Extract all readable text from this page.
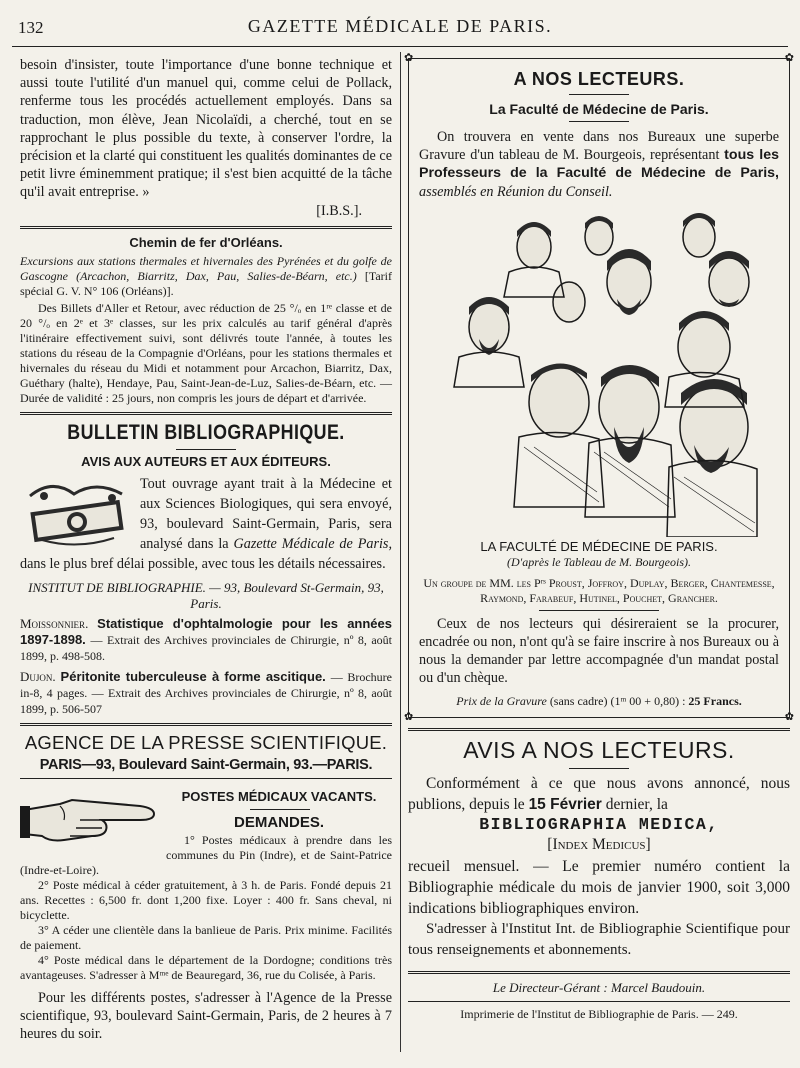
132	GAZETTE MÉDICALE DE PARIS.

besoin d'insister, toute l'importance d'une bonne technique et aussi toute l'utilité d'un manuel qui, comme celui de Pollack, renferme tous les procédés actuellement employés. Dans sa traduction, mon élève, Jean Nicolaïdi, a cherché, tout en se rapprochant le plus possible du texte, à conserver l'ordre, la précision et la clarté qui constituent les qualités dominantes de ce petit livre éminemment pratique; il s'est bien acquitté de la tâche qu'il avait entreprise. »

[I.B.S.].

Chemin de fer d'Orléans.

Excursions aux stations thermales et hivernales des Pyrénées et du golfe de Gascogne (Arcachon, Biarritz, Dax, Pau, Salies-de-Béarn, etc.) [Tarif spécial G. V. N° 106 (Orléans)].

Des Billets d'Aller et Retour, avec réduction de 25 °/ₒ en 1ʳᵉ classe et de 20 °/ₒ en 2ᵉ et 3ᵉ classes, sur les prix calculés au tarif général d'après l'itinéraire effectivement suivi, sont délivrés toute l'année, à toutes les stations du réseau de la Compagnie d'Orléans, pour les stations thermales et hivernales du réseau du Midi et notamment pour Arcachon, Biarritz, Dax, Guéthary (halte), Hendaye, Pau, Saint-Jean-de-Luz, Salies-de-Béarn, etc. — Durée de validité : 25 jours, non compris les jours de départ et d'arrivée.

BULLETIN BIBLIOGRAPHIQUE.

AVIS AUX AUTEURS ET AUX ÉDITEURS.

Tout ouvrage ayant trait à la Médecine et aux Sciences Biologiques, qui sera envoyé, 93, boulevard Saint-Germain, Paris, sera analysé dans la Gazette Médicale de Paris, dans le plus bref délai possible, avec tous les détails nécessaires.

INSTITUT DE BIBLIOGRAPHIE. — 93, Boulevard St-Germain, 93, Paris.

Moissonnier. Statistique d'ophtalmologie pour les années 1897-1898. — Extrait des Archives provinciales de Chirurgie, nº 8, août 1899, p. 498-508.

Dujon. Péritonite tuberculeuse à forme ascitique. — Brochure in-8, 4 pages. — Extrait des Archives provinciales de Chirurgie, nº 8, août 1899, p. 506-507

AGENCE DE LA PRESSE SCIENTIFIQUE.
PARIS—93, Boulevard Saint-Germain, 93.—PARIS.

POSTES MÉDICAUX VACANTS.

DEMANDES.

1° Postes médicaux à prendre dans les communes du Pin (Indre), et de Saint-Patrice (Indre-et-Loire).

2° Poste médical à céder gratuitement, à 3 h. de Paris. Fondé depuis 21 ans. Recettes : 6,500 fr. dont 1,200 fixe. Loyer : 400 fr. Sans cheval, ni bicyclette.

3° A céder une clientèle dans la banlieue de Paris. Prix minime. Facilités de paiement.

4° Poste médical dans le département de la Dordogne; conditions très avantageuses. S'adresser à Mᵐᵉ de Beauregard, 36, rue du Colisée, à Paris.

Pour les différents postes, s'adresser à l'Agence de la Presse scientifique, 93, boulevard Saint-Germain, Paris, de 2 heures à 7 heures du soir.

✿	✿
✿	✿
A NOS LECTEURS.

La Faculté de Médecine de Paris.

On trouvera en vente dans nos Bureaux une superbe Gravure d'un tableau de M. Bourgeois, représentant tous les Professeurs de la Faculté de Médecine de Paris, assemblés en Réunion du Conseil.

LA FACULTÉ DE MÉDECINE DE PARIS.

(D'après le Tableau de M. Bourgeois).

Un groupe de MM. les Pʳˢ Proust, Joffroy, Duplay, Berger, Chantemesse, Raymond, Farabeuf, Hutinel, Pouchet, Grancher.

Ceux de nos lecteurs qui désireraient se la procurer, encadrée ou non, n'ont qu'à se faire inscrire à nos Bureaux ou à nous la demander par lettre accompagnée d'un mandat postal ou d'un chèque.

Prix de la Gravure (sans cadre) (1ᵐ 00 + 0,80) : 25 Francs.

AVIS A NOS LECTEURS.

Conformément à ce que nous avons annoncé, nous publions, depuis le 15 Février dernier, la

BIBLIOGRAPHIA MEDICA,

[Index Medicus]

recueil mensuel. — Le premier numéro contient la Bibliographie médicale du mois de janvier 1900, soit 3,000 indications bibliographiques environ.

S'adresser à l'Institut Int. de Bibliographie Scientifique pour tous renseignements et abonnements.

Le Directeur-Gérant : Marcel Baudouin.

Imprimerie de l'Institut de Bibliographie de Paris. — 249.
